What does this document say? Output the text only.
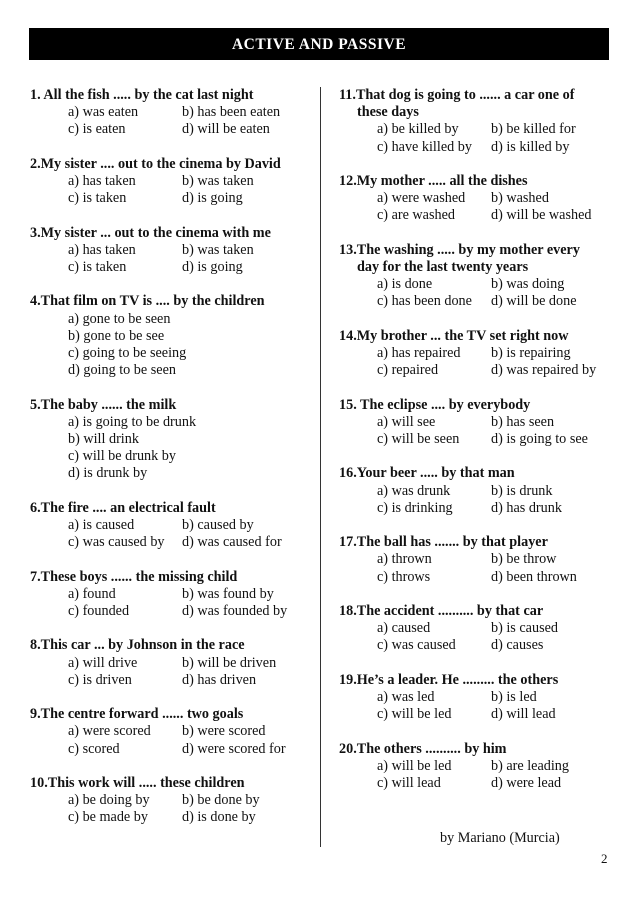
ACTIVE AND PASSIVE
1. All the fish ..... by the cat last night
a) was eaten	b) has been eaten
c) is eaten	d) will be eaten
2.My sister .... out to the cinema by David
a) has taken	b) was taken
c) is taken	d) is going
3.My sister ... out to the cinema with me
a) has taken	b) was taken
c) is taken	d) is going
4.That film on TV is .... by the children
a) gone to be seen
b) gone to be see
c) going to be seeing
d) going to be seen
5.The baby ...... the milk
a) is going to be drunk
b) will drink
c) will be drunk by
d) is drunk by
6.The fire .... an electrical fault
a) is caused	b) caused by
c) was caused by	d) was caused for
7.These boys ...... the missing child
a) found	b) was found by
c) founded	d) was founded by
8.This car ... by Johnson in the race
a) will drive	b) will be driven
c) is driven	d) has driven
9.The centre forward ...... two goals
a) were scored	b) were scored
c) scored	d) were scored for
10.This work will ..... these children
a) be doing by	b) be done by
c) be made by	d) is done by
11.That dog is going to ...... a car one of
these days
a) be killed by	b) be killed for
c) have killed by	d) is killed by
12.My mother ..... all the dishes
a) were washed	b) washed
c) are washed	d) will be washed
13.The washing ..... by my mother every
day for the last twenty years
a) is done	b) was doing
c) has been done	d) will be done
14.My brother ... the TV set right now
a) has repaired	b) is repairing
c) repaired	d) was repaired by
15. The eclipse .... by everybody
a) will see	b) has seen
c) will be seen	d) is going to see
16.Your beer ..... by that man
a) was drunk	b) is drunk
c) is drinking	d) has drunk
17.The ball has ....... by that player
a) thrown	b) be throw
c) throws	d) been thrown
18.The accident .......... by that car
a) caused	b) is caused
c) was caused	d) causes
19.He’s a leader. He ......... the others
a) was led	b) is led
c) will be led	d) will lead
20.The others .......... by him
a) will be led	b) are leading
c) will lead	d) were lead
by Mariano (Murcia)
2
